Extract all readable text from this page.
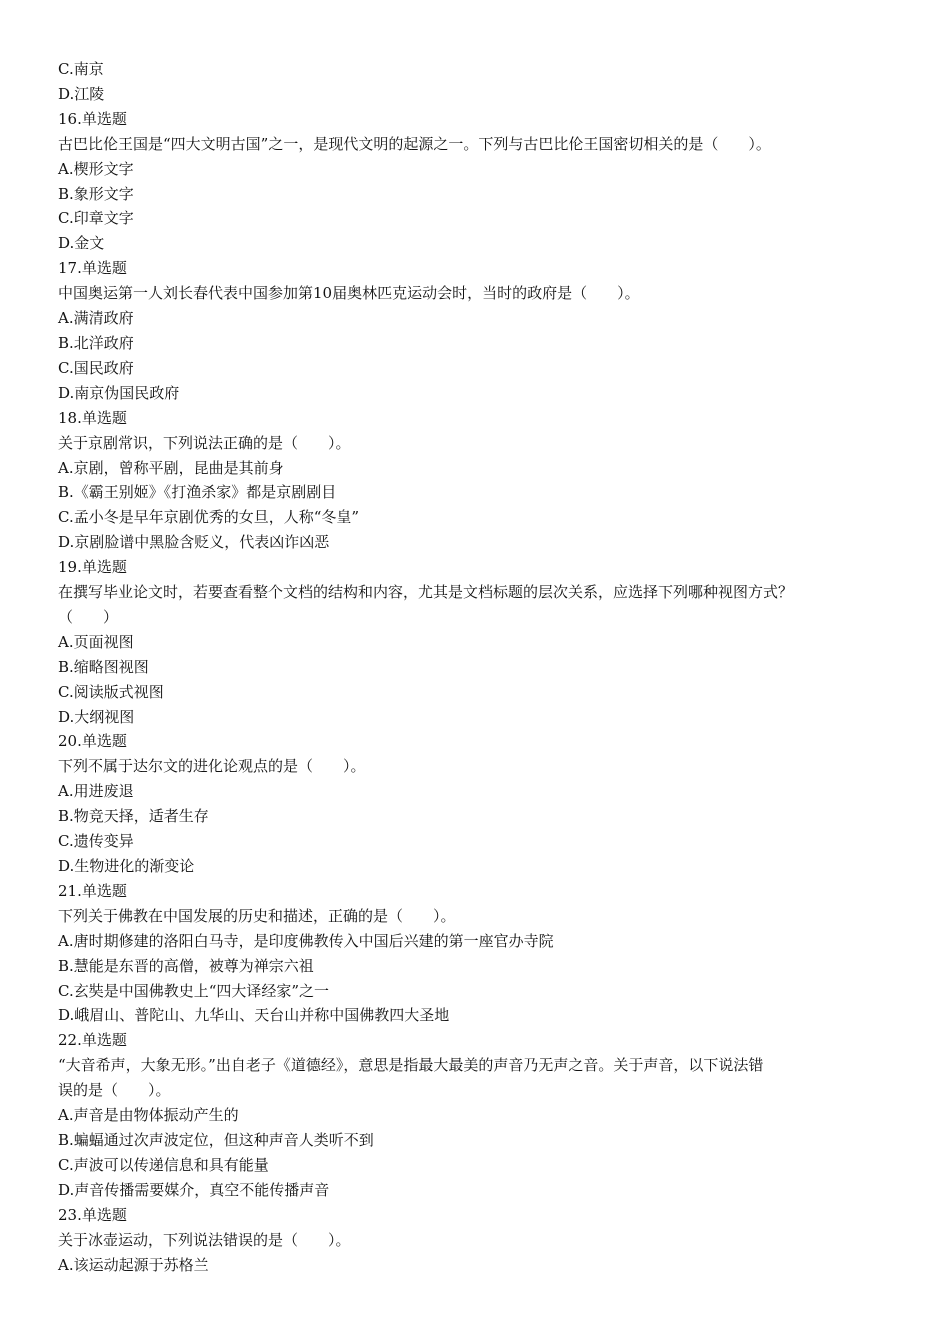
C.南京
D.江陵
16.单选题
古巴比伦王国是“四大文明古国”之一，是现代文明的起源之一。下列与古巴比伦王国密切相关的是（　　）。
A.楔形文字
B.象形文字
C.印章文字
D.金文
17.单选题
中国奥运第一人刘长春代表中国参加第10届奥林匹克运动会时，当时的政府是（　　）。
A.满清政府
B.北洋政府
C.国民政府
D.南京伪国民政府
18.单选题
关于京剧常识，下列说法正确的是（　　）。
A.京剧，曾称平剧，昆曲是其前身
B.《霸王别姬》《打渔杀家》都是京剧剧目
C.孟小冬是早年京剧优秀的女旦，人称“冬皇”
D.京剧脸谱中黑脸含贬义，代表凶诈凶恶
19.单选题
在撰写毕业论文时，若要查看整个文档的结构和内容，尤其是文档标题的层次关系，应选择下列哪种视图方式？
（　　）
A.页面视图
B.缩略图视图
C.阅读版式视图
D.大纲视图
20.单选题
下列不属于达尔文的进化论观点的是（　　）。
A.用进废退
B.物竞天择，适者生存
C.遗传变异
D.生物进化的渐变论
21.单选题
下列关于佛教在中国发展的历史和描述，正确的是（　　）。
A.唐时期修建的洛阳白马寺，是印度佛教传入中国后兴建的第一座官办寺院
B.慧能是东晋的高僧，被尊为禅宗六祖
C.玄奘是中国佛教史上“四大译经家”之一
D.峨眉山、普陀山、九华山、天台山并称中国佛教四大圣地
22.单选题
“大音希声，大象无形。”出自老子《道德经》，意思是指最大最美的声音乃无声之音。关于声音，以下说法错
误的是（　　）。
A.声音是由物体振动产生的
B.蝙蝠通过次声波定位，但这种声音人类听不到
C.声波可以传递信息和具有能量
D.声音传播需要媒介，真空不能传播声音
23.单选题
关于冰壶运动，下列说法错误的是（　　）。
A.该运动起源于苏格兰
